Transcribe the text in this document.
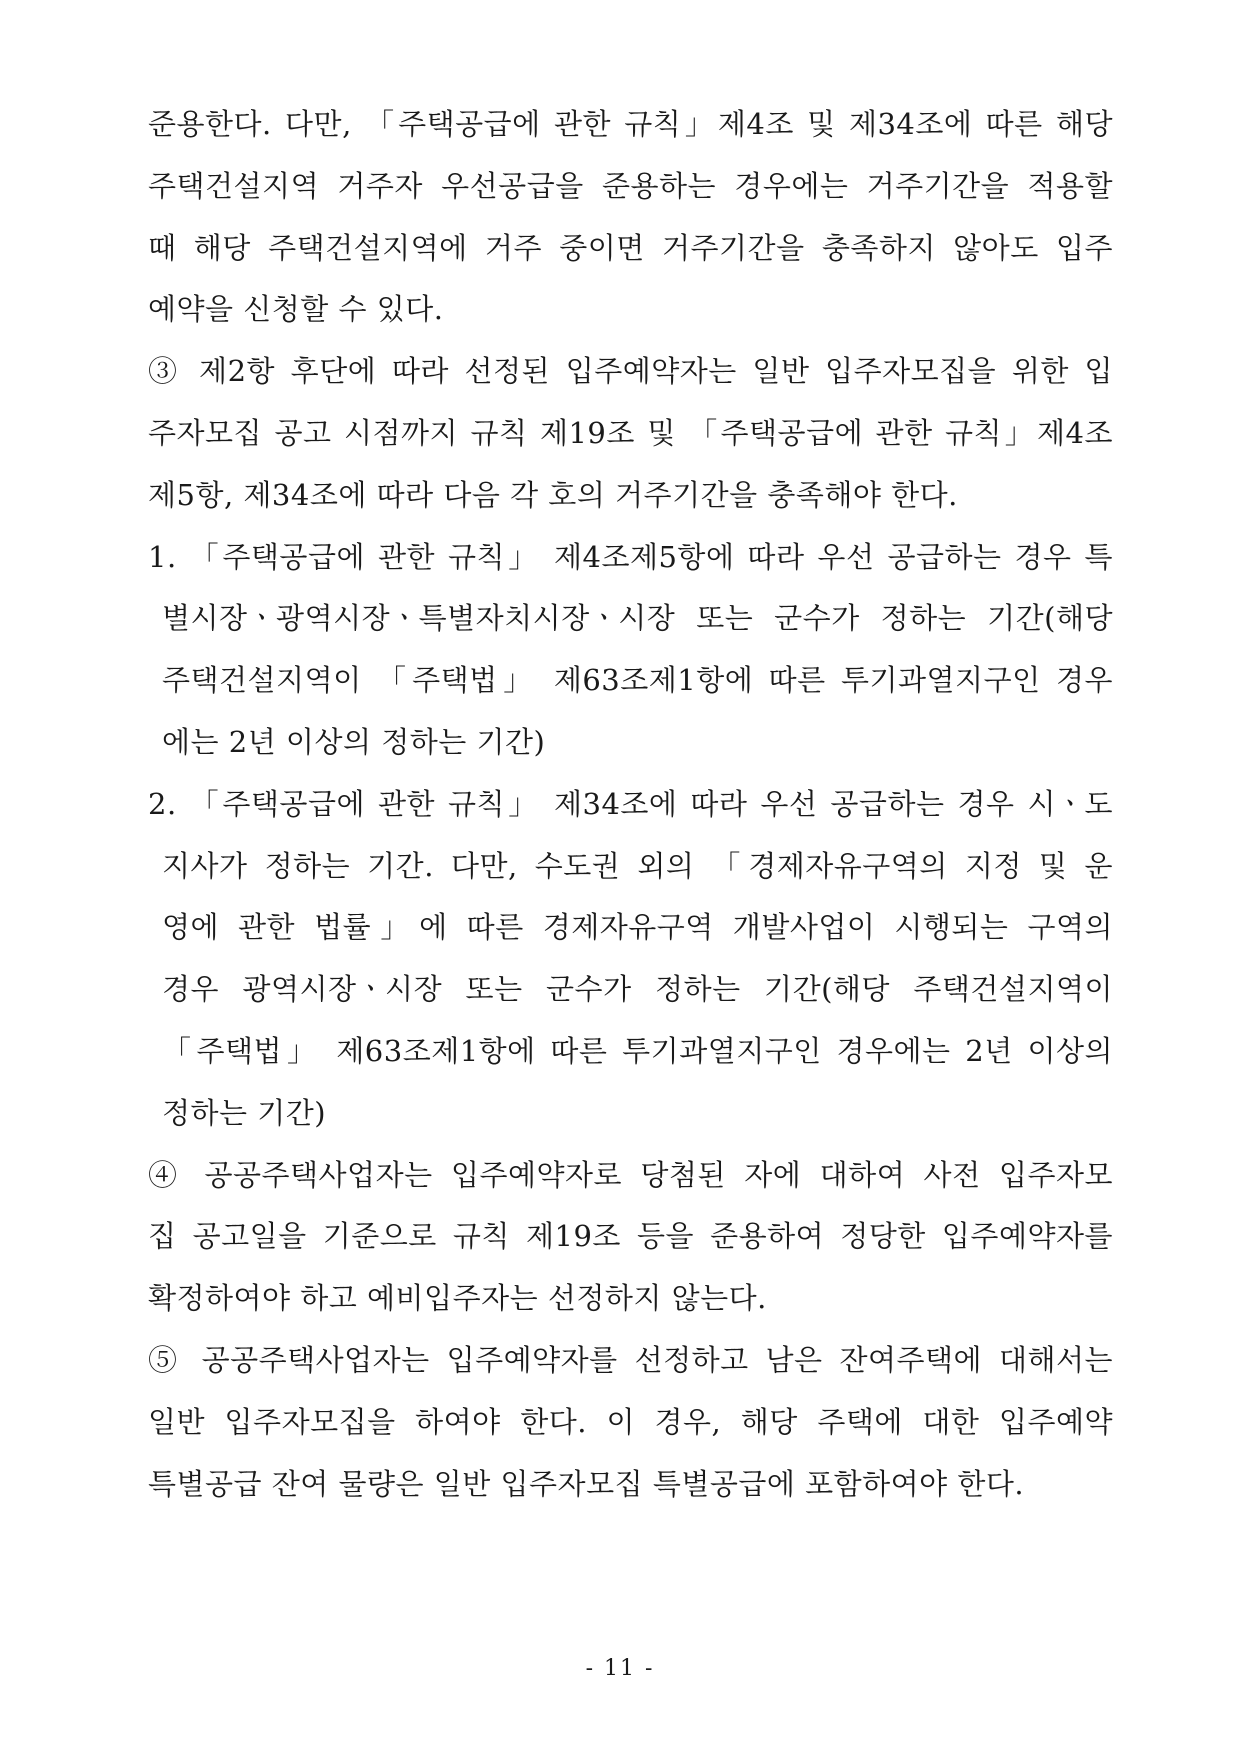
준용한다. 다만, 「주택공급에 관한 규칙」제4조 및 제34조에 따른 해당
주택건설지역 거주자 우선공급을 준용하는 경우에는 거주기간을 적용할
때 해당 주택건설지역에 거주 중이면 거주기간을 충족하지 않아도 입주
예약을 신청할 수 있다.
③ 제2항 후단에 따라 선정된 입주예약자는 일반 입주자모집을 위한 입
주자모집 공고 시점까지 규칙 제19조 및 「주택공급에 관한 규칙」제4조
제5항, 제34조에 따라 다음 각 호의 거주기간을 충족해야 한다.
1. 「주택공급에 관한 규칙」 제4조제5항에 따라 우선 공급하는 경우 특
별시장ㆍ광역시장ㆍ특별자치시장ㆍ시장 또는 군수가 정하는 기간(해당
주택건설지역이 「주택법」 제63조제1항에 따른 투기과열지구인 경우
에는 2년 이상의 정하는 기간)
2. 「주택공급에 관한 규칙」 제34조에 따라 우선 공급하는 경우 시ㆍ도
지사가 정하는 기간. 다만, 수도권 외의 「경제자유구역의 지정 및 운
영에 관한 법률」에 따른 경제자유구역 개발사업이 시행되는 구역의
경우 광역시장ㆍ시장 또는 군수가 정하는 기간(해당 주택건설지역이
「주택법」 제63조제1항에 따른 투기과열지구인 경우에는 2년 이상의
정하는 기간)
④ 공공주택사업자는 입주예약자로 당첨된 자에 대하여 사전 입주자모
집 공고일을 기준으로 규칙 제19조 등을 준용하여 정당한 입주예약자를
확정하여야 하고 예비입주자는 선정하지 않는다.
⑤ 공공주택사업자는 입주예약자를 선정하고 남은 잔여주택에 대해서는
일반 입주자모집을 하여야 한다. 이 경우, 해당 주택에 대한 입주예약
특별공급 잔여 물량은 일반 입주자모집 특별공급에 포함하여야 한다.
- 11 -
